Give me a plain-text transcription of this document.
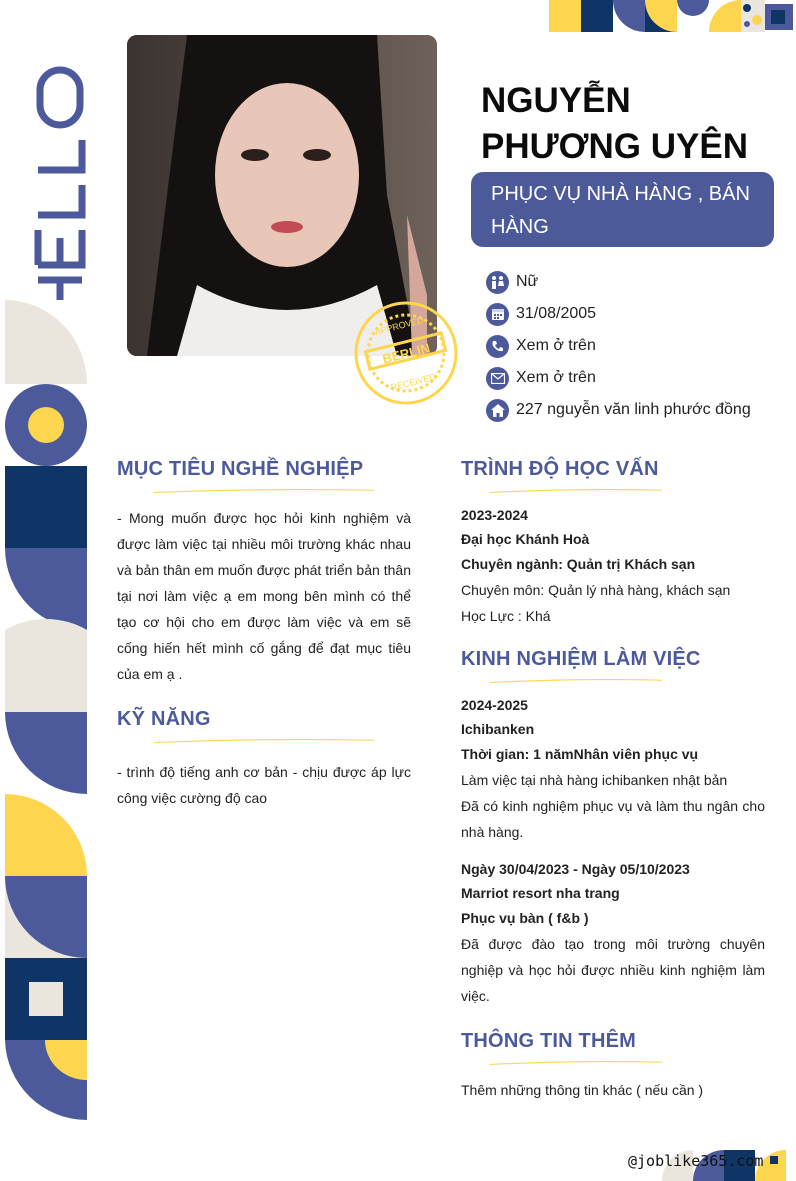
BERLIN
APPROVED
RECEIVED
NGUYỄN
PHƯƠNG UYÊN
PHỤC VỤ NHÀ HÀNG , BÁN HÀNG
Nữ
31/08/2005
Xem ở trên
Xem ở trên
227 nguyễn văn linh phước đồng
MỤC TIÊU NGHỀ NGHIỆP
- Mong muốn được học hỏi kinh nghiệm và được làm việc tại nhiều môi trường khác nhau và bản thân em muốn được phát triển bản thân tại nơi làm việc ạ em mong bên mình có thể tạo cơ hội cho em được làm việc và em sẽ cống hiến hết mình cố gắng để đạt mục tiêu của em ạ .
KỸ NĂNG
- trình độ tiếng anh cơ bản - chịu được áp lực công việc cường độ cao
TRÌNH ĐỘ HỌC VẤN
2023-2024
Đại học Khánh Hoà
Chuyên ngành: Quản trị Khách sạn
Chuyên môn: Quản lý nhà hàng, khách sạn
Học Lực : Khá
KINH NGHIỆM LÀM VIỆC
2024-2025
Ichibanken
Thời gian: 1 nămNhân viên phục vụ
Làm việc tại nhà hàng ichibanken nhật bản
Đã có kinh nghiệm phục vụ và làm thu ngân cho nhà hàng.
Ngày 30/04/2023 - Ngày 05/10/2023
Marriot resort nha trang
Phục vụ bàn ( f&b )
Đã được đào tạo trong môi trường chuyên nghiệp và học hỏi được nhiều kinh nghiệm làm việc.
THÔNG TIN THÊM
Thêm những thông tin khác ( nếu cần )
@joblike365.com
